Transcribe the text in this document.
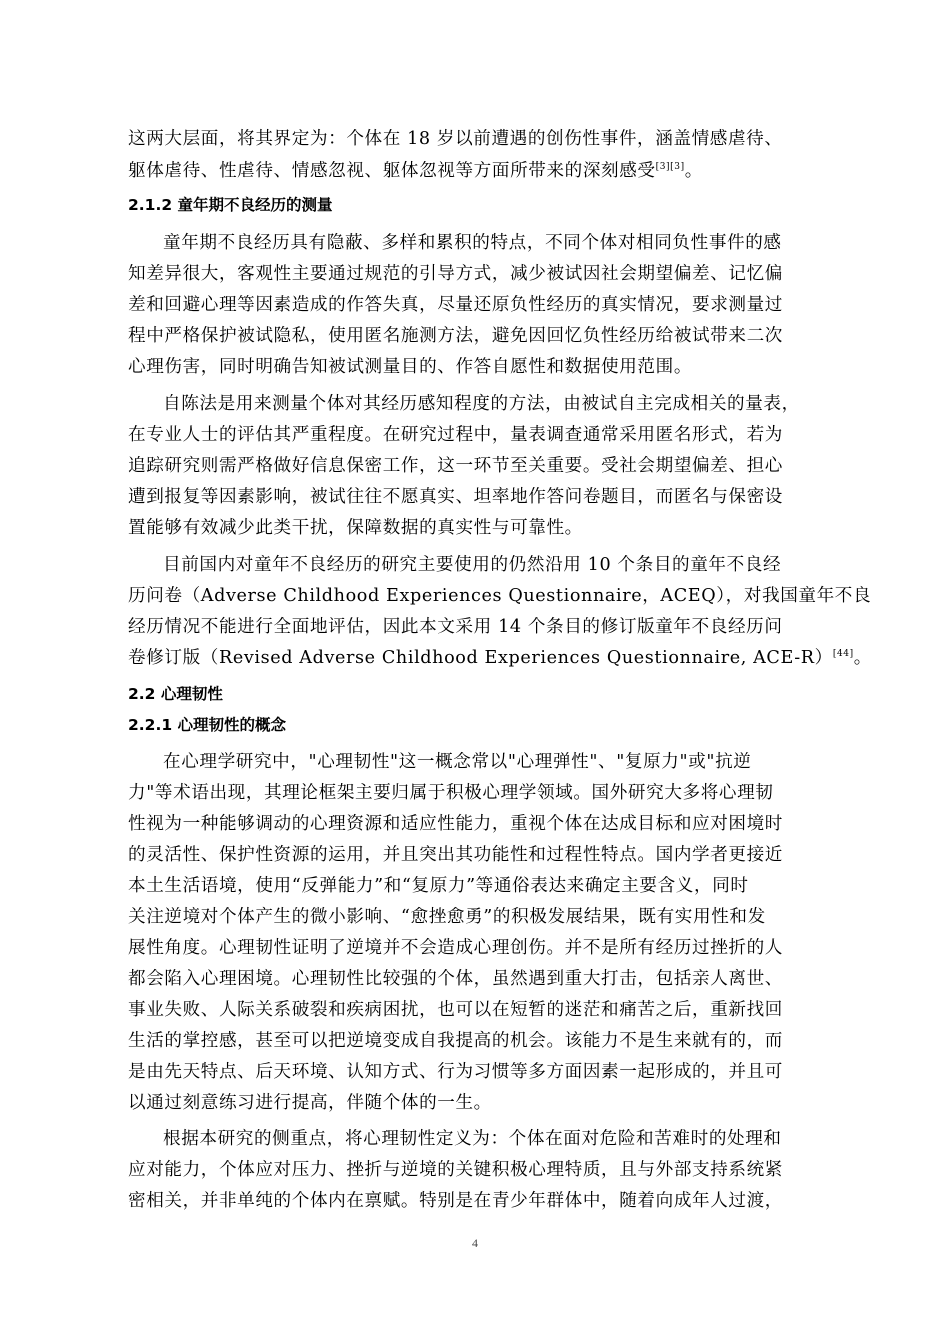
这两大层面，将其界定为：个体在 18 岁以前遭遇的创伤性事件，涵盖情感虐待、
躯体虐待、性虐待、情感忽视、躯体忽视等方面所带来的深刻感受[3][3]。
2.1.2 童年期不良经历的测量
童年期不良经历具有隐蔽、多样和累积的特点，不同个体对相同负性事件的感
知差异很大，客观性主要通过规范的引导方式，减少被试因社会期望偏差、记忆偏
差和回避心理等因素造成的作答失真，尽量还原负性经历的真实情况，要求测量过
程中严格保护被试隐私，使用匿名施测方法，避免因回忆负性经历给被试带来二次
心理伤害，同时明确告知被试测量目的、作答自愿性和数据使用范围。
自陈法是用来测量个体对其经历感知程度的方法，由被试自主完成相关的量表，
在专业人士的评估其严重程度。在研究过程中，量表调查通常采用匿名形式，若为
追踪研究则需严格做好信息保密工作，这一环节至关重要。受社会期望偏差、担心
遭到报复等因素影响，被试往往不愿真实、坦率地作答问卷题目，而匿名与保密设
置能够有效减少此类干扰，保障数据的真实性与可靠性。
目前国内对童年不良经历的研究主要使用的仍然沿用 10 个条目的童年不良经
历问卷（Adverse Childhood Experiences Questionnaire，ACEQ），对我国童年不良
经历情况不能进行全面地评估，因此本文采用 14 个条目的修订版童年不良经历问
卷修订版（Revised Adverse Childhood Experiences Questionnaire, ACE-R）[44]。
2.2 心理韧性
2.2.1 心理韧性的概念
在心理学研究中，"心理韧性"这一概念常以"心理弹性"、"复原力"或"抗逆
力"等术语出现，其理论框架主要归属于积极心理学领域。国外研究大多将心理韧
性视为一种能够调动的心理资源和适应性能力，重视个体在达成目标和应对困境时
的灵活性、保护性资源的运用，并且突出其功能性和过程性特点。国内学者更接近
本土生活语境，使用“反弹能力”和“复原力”等通俗表达来确定主要含义，同时
关注逆境对个体产生的微小影响、“愈挫愈勇”的积极发展结果，既有实用性和发
展性角度。心理韧性证明了逆境并不会造成心理创伤。并不是所有经历过挫折的人
都会陷入心理困境。心理韧性比较强的个体，虽然遇到重大打击，包括亲人离世、
事业失败、人际关系破裂和疾病困扰，也可以在短暂的迷茫和痛苦之后，重新找回
生活的掌控感，甚至可以把逆境变成自我提高的机会。该能力不是生来就有的，而
是由先天特点、后天环境、认知方式、行为习惯等多方面因素一起形成的，并且可
以通过刻意练习进行提高，伴随个体的一生。
根据本研究的侧重点，将心理韧性定义为：个体在面对危险和苦难时的处理和
应对能力，个体应对压力、挫折与逆境的关键积极心理特质，且与外部支持系统紧
密相关，并非单纯的个体内在禀赋。特别是在青少年群体中，随着向成年人过渡，
4
